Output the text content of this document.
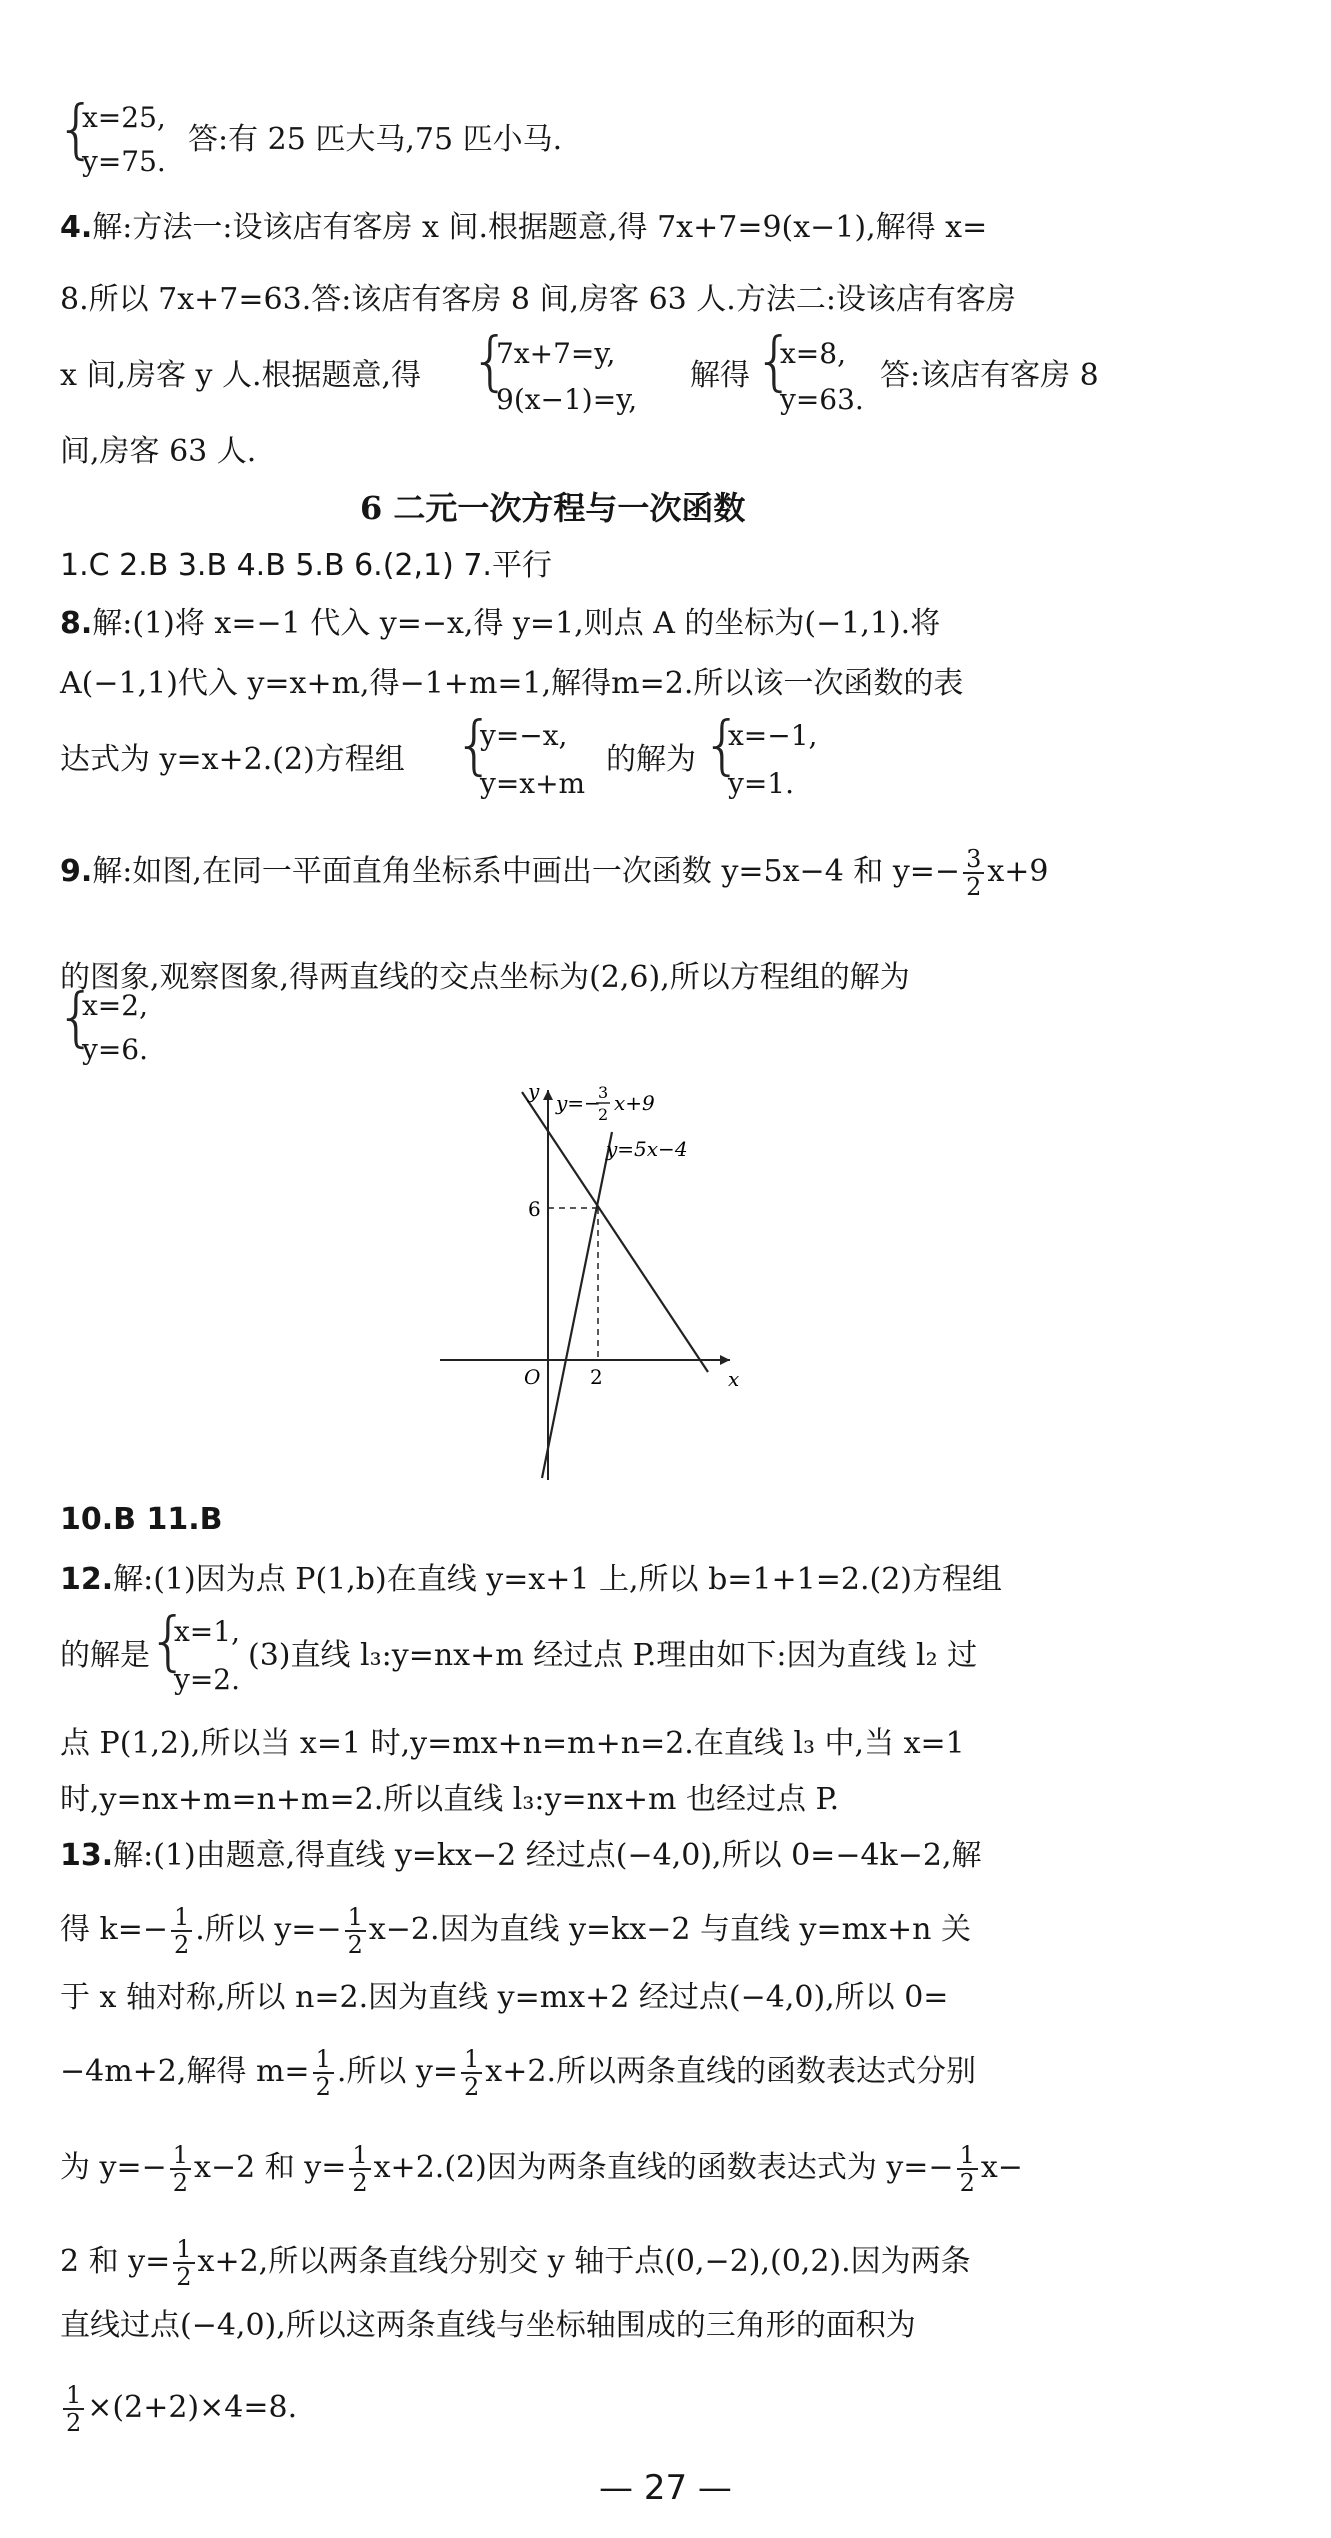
{
x=25,
y=75.
答:有 25 匹大马,75 匹小马.
4.解:方法一:设该店有客房 x 间.根据题意,得 7x+7=9(x−1),解得 x=
8.所以 7x+7=63.答:该店有客房 8 间,房客 63 人.方法二:设该店有客房
x 间,房客 y 人.根据题意,得 {
7x+7=y,
9(x−1)=y,
解得 {
x=8,
y=63.
答:该店有客房 8
间,房客 63 人.
6 二元一次方程与一次函数
1.C 2.B 3.B 4.B 5.B 6.(2,1) 7.平行
8.解:(1)将 x=−1 代入 y=−x,得 y=1,则点 A 的坐标为(−1,1).将
A(−1,1)代入 y=x+m,得−1+m=1,解得m=2.所以该一次函数的表
达式为 y=x+2.(2)方程组 {
y=−x,
y=x+m
的解为 {
x=−1,
y=1.
9.解:如图,在同一平面直角坐标系中画出一次函数 y=5x−4 和 $y=- \frac{3}{2} x+9$
的图象,观察图象,得两直线的交点坐标为(2,6),所以方程组的解为
{
x=2,
y=6.
y=−
3
2 x+9
y=5x−4
y
x
O 2
6
10.B 11.B
12.解:(1)因为点 P(1,b)在直线 y=x+1 上,所以 b=1+1=2.(2)方程组
的解是
{
x=1,
y=2.
(3)直线 l₃:y=nx+m 经过点 P.理由如下:因为直线 l₂ 过
点 P(1,2),所以当 x=1 时,y=mx+n=m+n=2.在直线 l₃ 中,当 x=1
时,y=nx+m=n+m=2.所以直线 l₃:y=nx+m 也经过点 P.
13.解:(1)由题意,得直线 y=kx−2 经过点(−4,0),所以 0=−4k−2,解
得 $k=- \frac{1}{2}$ .所以 $y=- \frac{1}{2} x-2$.因为直线 y=kx−2 与直线 y=mx+n 关
于 x 轴对称,所以 n=2.因为直线 y=mx+2 经过点(−4,0),所以 0=
−4m+2,解得 $m= \frac{1}{2}$ .所以 $y= \frac{1}{2} x+2$.所以两条直线的函数表达式分别
为 $y=- \frac{1}{2} x-2$ 和 $y= \frac{1}{2} x+2.(2)$因为两条直线的函数表达式为 $y=- \frac{1}{2} x-$
2 和 $y= \frac{1}{2} x+2$,所以两条直线分别交 y 轴于点(0,−2),(0,2).因为两条
直线过点(−4,0),所以这两条直线与坐标轴围成的三角形的面积为
$\frac{1}{2} \times(2+2)\times 4=8$.
— 27 —
